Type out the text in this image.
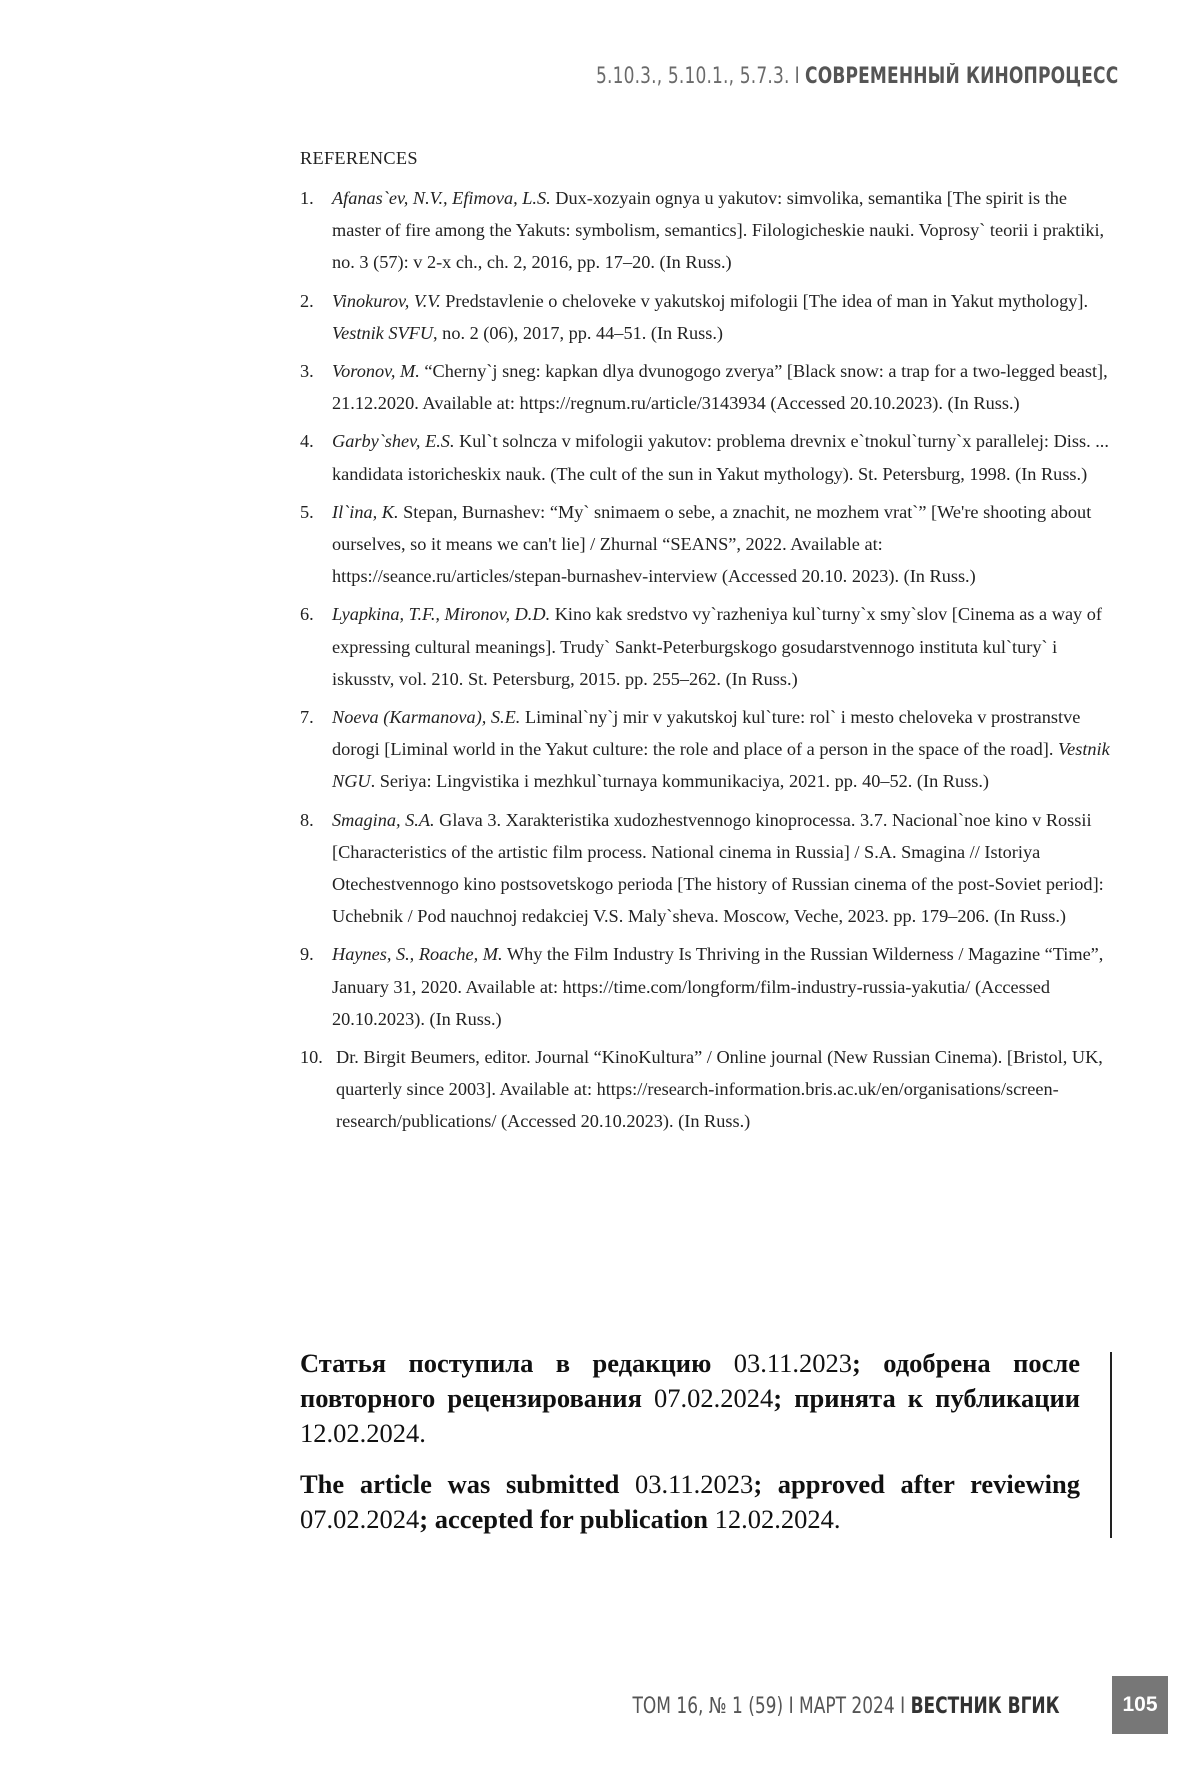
5.10.3., 5.10.1., 5.7.3. I СОВРЕМЕННЫЙ КИНОПРОЦЕСС
REFERENCES
1. Afanas`ev, N.V., Efimova, L.S. Dux-xozyain ognya u yakutov: simvolika, semantika [The spirit is the master of fire among the Yakuts: symbolism, semantics]. Filologicheskie nauki. Voprosy` teorii i praktiki, no. 3 (57): v 2-x ch., ch. 2, 2016, pp. 17–20. (In Russ.)
2. Vinokurov, V.V. Predstavlenie o cheloveke v yakutskoj mifologii [The idea of man in Yakut mythology]. Vestnik SVFU, no. 2 (06), 2017, pp. 44–51. (In Russ.)
3. Voronov, M. “Cherny`j sneg: kapkan dlya dvunogogo zverya” [Black snow: a trap for a two-legged beast], 21.12.2020. Available at: https://regnum.ru/article/3143934 (Accessed 20.10.2023). (In Russ.)
4. Garby`shev, E.S. Kul`t solncza v mifologii yakutov: problema drevnix e`tnokul`turny`x parallelej: Diss. ... kandidata istoricheskix nauk. (The cult of the sun in Yakut mythology). St. Petersburg, 1998. (In Russ.)
5. Il`ina, K. Stepan, Burnashev: “My` snimaem o sebe, a znachit, ne mozhem vrat`” [We're shooting about ourselves, so it means we can't lie] / Zhurnal “SEANS”, 2022. Available at: https://seance.ru/articles/stepan-burnashev-interview (Accessed 20.10. 2023). (In Russ.)
6. Lyapkina, T.F., Mironov, D.D. Kino kak sredstvo vy`razheniya kul`turny`x smy`slov [Cinema as a way of expressing cultural meanings]. Trudy` Sankt-Peterburgskogo gosudarstvennogo instituta kul`tury` i iskusstv, vol. 210. St. Petersburg, 2015. pp. 255–262. (In Russ.)
7. Noeva (Karmanova), S.E. Liminal`ny`j mir v yakutskoj kul`ture: rol` i mesto cheloveka v prostranstve dorogi [Liminal world in the Yakut culture: the role and place of a person in the space of the road]. Vestnik NGU. Seriya: Lingvistika i mezhkul`turnaya kommunikaciya, 2021. pp. 40–52. (In Russ.)
8. Smagina, S.A. Glava 3. Xarakteristika xudozhestvennogo kinoprocessa. 3.7. Nacional`noe kino v Rossii [Characteristics of the artistic film process. National cinema in Russia] / S.A. Smagina // Istoriya Otechestvennogo kino postsovetskogo perioda [The history of Russian cinema of the post-Soviet period]: Uchebnik / Pod nauchnoj redakciej V.S. Maly`sheva. Moscow, Veche, 2023. pp. 179–206. (In Russ.)
9. Haynes, S., Roache, M. Why the Film Industry Is Thriving in the Russian Wilderness / Magazine “Time”, January 31, 2020. Available at: https://time.com/longform/film-industry-russia-yakutia/ (Accessed 20.10.2023). (In Russ.)
10. Dr. Birgit Beumers, editor. Journal “KinoKultura” / Online journal (New Russian Cinema). [Bristol, UK, quarterly since 2003]. Available at: https://research-information.bris.ac.uk/en/organisations/screen-research/publications/ (Accessed 20.10.2023). (In Russ.)

Статья поступила в редакцию 03.11.2023; одобрена после повторного рецензирования 07.02.2024; принята к публикации 12.02.2024.

The article was submitted 03.11.2023; approved after reviewing 07.02.2024; accepted for publication 12.02.2024.

ТОМ 16, № 1 (59) I МАРТ 2024 I ВЕСТНИК ВГИК	105
